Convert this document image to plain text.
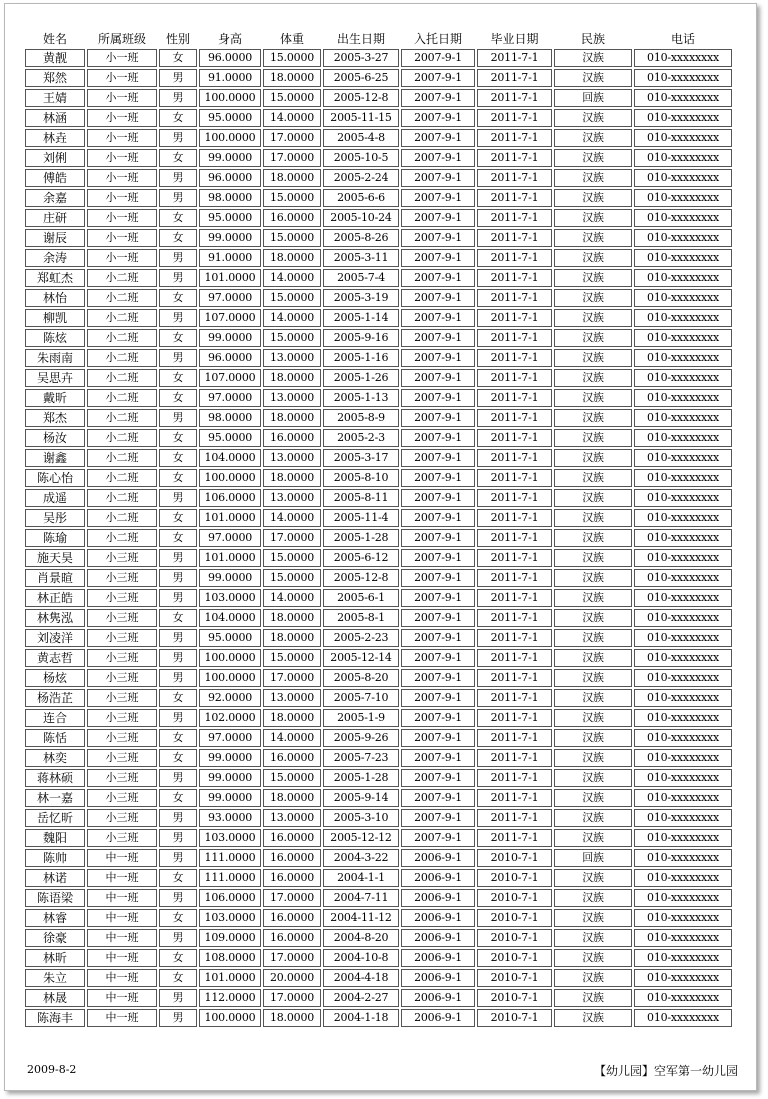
姓名	所属班级	性别	身高	体重	出生日期	入托日期	毕业日期	民族	电话
黄靓	小一班	女	96.0000	15.0000	2005-3-27	2007-9-1	2011-7-1	汉族	010-xxxxxxxx
郑然	小一班	男	91.0000	18.0000	2005-6-25	2007-9-1	2011-7-1	汉族	010-xxxxxxxx
王婧	小一班	男	100.0000	15.0000	2005-12-8	2007-9-1	2011-7-1	回族	010-xxxxxxxx
林涵	小一班	女	95.0000	14.0000	2005-11-15	2007-9-1	2011-7-1	汉族	010-xxxxxxxx
林垚	小一班	男	100.0000	17.0000	2005-4-8	2007-9-1	2011-7-1	汉族	010-xxxxxxxx
刘俐	小一班	女	99.0000	17.0000	2005-10-5	2007-9-1	2011-7-1	汉族	010-xxxxxxxx
傅皓	小一班	男	96.0000	18.0000	2005-2-24	2007-9-1	2011-7-1	汉族	010-xxxxxxxx
余嘉	小一班	男	98.0000	15.0000	2005-6-6	2007-9-1	2011-7-1	汉族	010-xxxxxxxx
庄研	小一班	女	95.0000	16.0000	2005-10-24	2007-9-1	2011-7-1	汉族	010-xxxxxxxx
谢辰	小一班	女	99.0000	15.0000	2005-8-26	2007-9-1	2011-7-1	汉族	010-xxxxxxxx
余涛	小一班	男	91.0000	18.0000	2005-3-11	2007-9-1	2011-7-1	汉族	010-xxxxxxxx
郑虹杰	小二班	男	101.0000	14.0000	2005-7-4	2007-9-1	2011-7-1	汉族	010-xxxxxxxx
林怡	小二班	女	97.0000	15.0000	2005-3-19	2007-9-1	2011-7-1	汉族	010-xxxxxxxx
柳凯	小二班	男	107.0000	14.0000	2005-1-14	2007-9-1	2011-7-1	汉族	010-xxxxxxxx
陈炫	小二班	女	99.0000	15.0000	2005-9-16	2007-9-1	2011-7-1	汉族	010-xxxxxxxx
朱雨南	小二班	男	96.0000	13.0000	2005-1-16	2007-9-1	2011-7-1	汉族	010-xxxxxxxx
吴思卉	小二班	女	107.0000	18.0000	2005-1-26	2007-9-1	2011-7-1	汉族	010-xxxxxxxx
戴昕	小二班	女	97.0000	13.0000	2005-1-13	2007-9-1	2011-7-1	汉族	010-xxxxxxxx
郑杰	小二班	男	98.0000	18.0000	2005-8-9	2007-9-1	2011-7-1	汉族	010-xxxxxxxx
杨汝	小二班	女	95.0000	16.0000	2005-2-3	2007-9-1	2011-7-1	汉族	010-xxxxxxxx
谢鑫	小二班	女	104.0000	13.0000	2005-3-17	2007-9-1	2011-7-1	汉族	010-xxxxxxxx
陈心怡	小二班	女	100.0000	18.0000	2005-8-10	2007-9-1	2011-7-1	汉族	010-xxxxxxxx
成遥	小二班	男	106.0000	13.0000	2005-8-11	2007-9-1	2011-7-1	汉族	010-xxxxxxxx
吴彤	小二班	女	101.0000	14.0000	2005-11-4	2007-9-1	2011-7-1	汉族	010-xxxxxxxx
陈瑜	小二班	女	97.0000	17.0000	2005-1-28	2007-9-1	2011-7-1	汉族	010-xxxxxxxx
施天昊	小三班	男	101.0000	15.0000	2005-6-12	2007-9-1	2011-7-1	汉族	010-xxxxxxxx
肖景暄	小三班	男	99.0000	15.0000	2005-12-8	2007-9-1	2011-7-1	汉族	010-xxxxxxxx
林正皓	小三班	男	103.0000	14.0000	2005-6-1	2007-9-1	2011-7-1	汉族	010-xxxxxxxx
林隽泓	小三班	女	104.0000	18.0000	2005-8-1	2007-9-1	2011-7-1	汉族	010-xxxxxxxx
刘凌洋	小三班	男	95.0000	18.0000	2005-2-23	2007-9-1	2011-7-1	汉族	010-xxxxxxxx
黄志哲	小三班	男	100.0000	15.0000	2005-12-14	2007-9-1	2011-7-1	汉族	010-xxxxxxxx
杨炫	小三班	男	100.0000	17.0000	2005-8-20	2007-9-1	2011-7-1	汉族	010-xxxxxxxx
杨浩芷	小三班	女	92.0000	13.0000	2005-7-10	2007-9-1	2011-7-1	汉族	010-xxxxxxxx
连合	小三班	男	102.0000	18.0000	2005-1-9	2007-9-1	2011-7-1	汉族	010-xxxxxxxx
陈恬	小三班	女	97.0000	14.0000	2005-9-26	2007-9-1	2011-7-1	汉族	010-xxxxxxxx
林奕	小三班	女	99.0000	16.0000	2005-7-23	2007-9-1	2011-7-1	汉族	010-xxxxxxxx
蒋林硕	小三班	男	99.0000	15.0000	2005-1-28	2007-9-1	2011-7-1	汉族	010-xxxxxxxx
林一嘉	小三班	女	99.0000	18.0000	2005-9-14	2007-9-1	2011-7-1	汉族	010-xxxxxxxx
岳忆昕	小三班	男	93.0000	13.0000	2005-3-10	2007-9-1	2011-7-1	汉族	010-xxxxxxxx
魏阳	小三班	男	103.0000	16.0000	2005-12-12	2007-9-1	2011-7-1	汉族	010-xxxxxxxx
陈帅	中一班	男	111.0000	16.0000	2004-3-22	2006-9-1	2010-7-1	回族	010-xxxxxxxx
林诺	中一班	女	111.0000	16.0000	2004-1-1	2006-9-1	2010-7-1	汉族	010-xxxxxxxx
陈语梁	中一班	男	106.0000	17.0000	2004-7-11	2006-9-1	2010-7-1	汉族	010-xxxxxxxx
林睿	中一班	女	103.0000	16.0000	2004-11-12	2006-9-1	2010-7-1	汉族	010-xxxxxxxx
徐豪	中一班	男	109.0000	16.0000	2004-8-20	2006-9-1	2010-7-1	汉族	010-xxxxxxxx
林昕	中一班	女	108.0000	17.0000	2004-10-8	2006-9-1	2010-7-1	汉族	010-xxxxxxxx
朱立	中一班	女	101.0000	20.0000	2004-4-18	2006-9-1	2010-7-1	汉族	010-xxxxxxxx
林晟	中一班	男	112.0000	17.0000	2004-2-27	2006-9-1	2010-7-1	汉族	010-xxxxxxxx
陈海丰	中一班	男	100.0000	18.0000	2004-1-18	2006-9-1	2010-7-1	汉族	010-xxxxxxxx
2009-8-2	【幼儿园】空军第一幼儿园
